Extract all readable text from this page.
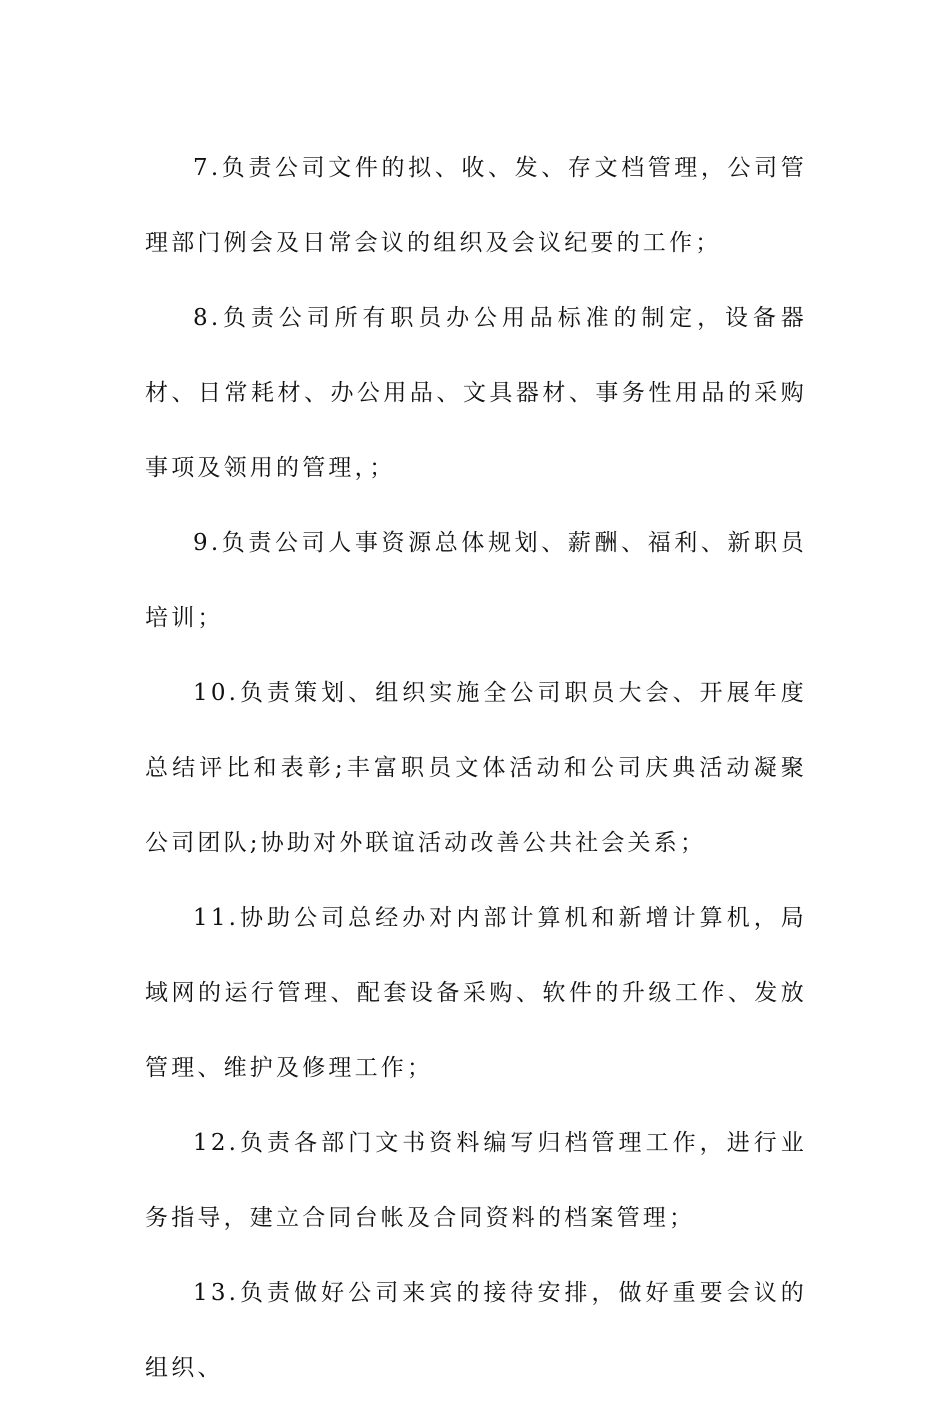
7.负责公司文件的拟、收、发、存文档管理，公司管理部门例会及日常会议的组织及会议纪要的工作；

8.负责公司所有职员办公用品标准的制定，设备器材、日常耗材、办公用品、文具器材、事务性用品的采购事项及领用的管理，；

9.负责公司人事资源总体规划、薪酬、福利、新职员培训；

10.负责策划、组织实施全公司职员大会、开展年度总结评比和表彰;丰富职员文体活动和公司庆典活动凝聚公司团队;协助对外联谊活动改善公共社会关系；

11.协助公司总经办对内部计算机和新增计算机，局域网的运行管理、配套设备采购、软件的升级工作、发放管理、维护及修理工作；

12.负责各部门文书资料编写归档管理工作，进行业务指导，建立合同台帐及合同资料的档案管理；

13.负责做好公司来宾的接待安排，做好重要会议的组织、
